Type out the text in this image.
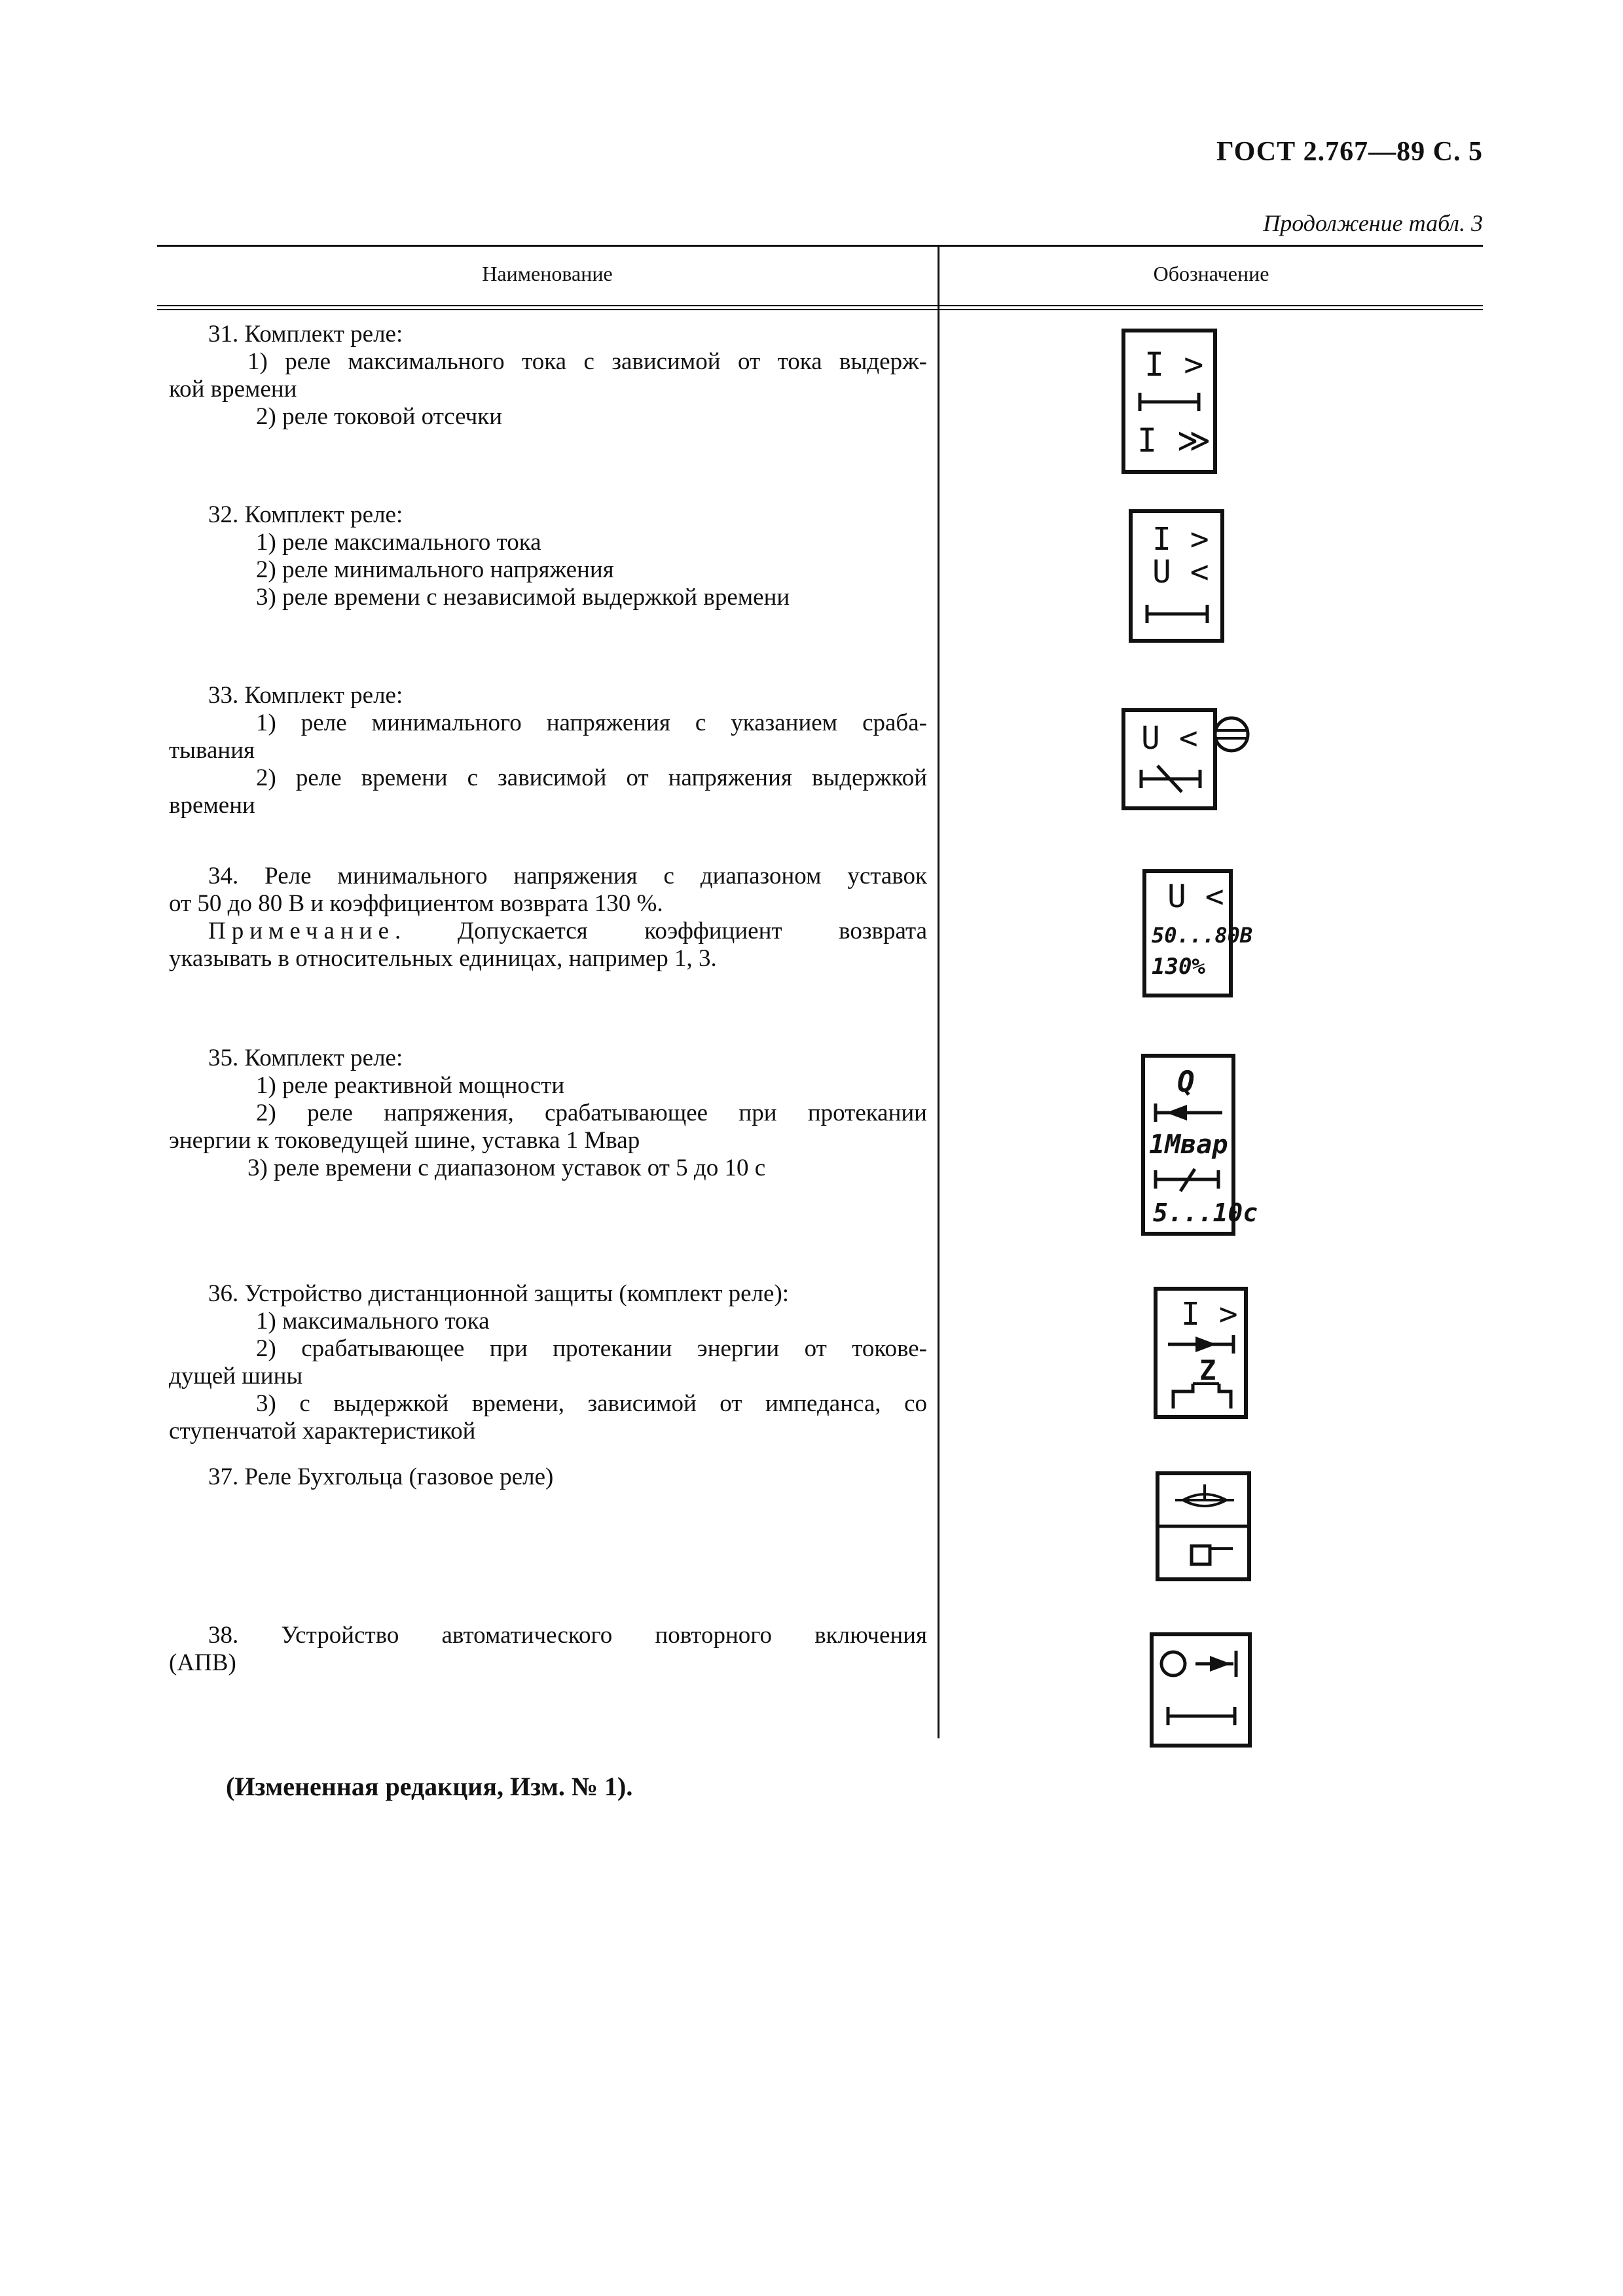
ГОСТ 2.767—89 С. 5
Продолжение табл. 3
Наименование	Обозначение

31. Комплект реле:

1) реле максимального тока с зависимой от тока выдерж-

кой времени

2) реле токовой отсечки

I >
I ≫

32. Комплект реле:

1) реле максимального тока

2) реле минимального напряжения

3) реле времени с независимой выдержкой времени

I >
U <

33. Комплект реле:

1) реле минимального напряжения с указанием сраба-

тывания

2) реле времени с зависимой от напряжения выдержкой

времени

U <

34. Реле минимального напряжения с диапазоном уставок

от 50 до 80 В и коэффициентом возврата 130 %.

Примечание. Допускается коэффициент возврата

указывать в относительных единицах, например 1, 3.

U <
50...80В
130%

35. Комплект реле:

1) реле реактивной мощности

2) реле напряжения, срабатывающее при протекании

энергии к токоведущей шине, уставка 1 Мвар

3) реле времени с диапазоном уставок от 5 до 10 с

Q
1Мвар
5...10с

36. Устройство дистанционной защиты (комплект реле):

1) максимального тока

2) срабатывающее при протекании энергии от токове-

дущей шины

3) с выдержкой времени, зависимой от импеданса, со

ступенчатой характеристикой

I >
Z

37. Реле Бухгольца (газовое реле)

38. Устройство автоматического повторного включения

(АПВ)

(Измененная редакция, Изм. № 1).
